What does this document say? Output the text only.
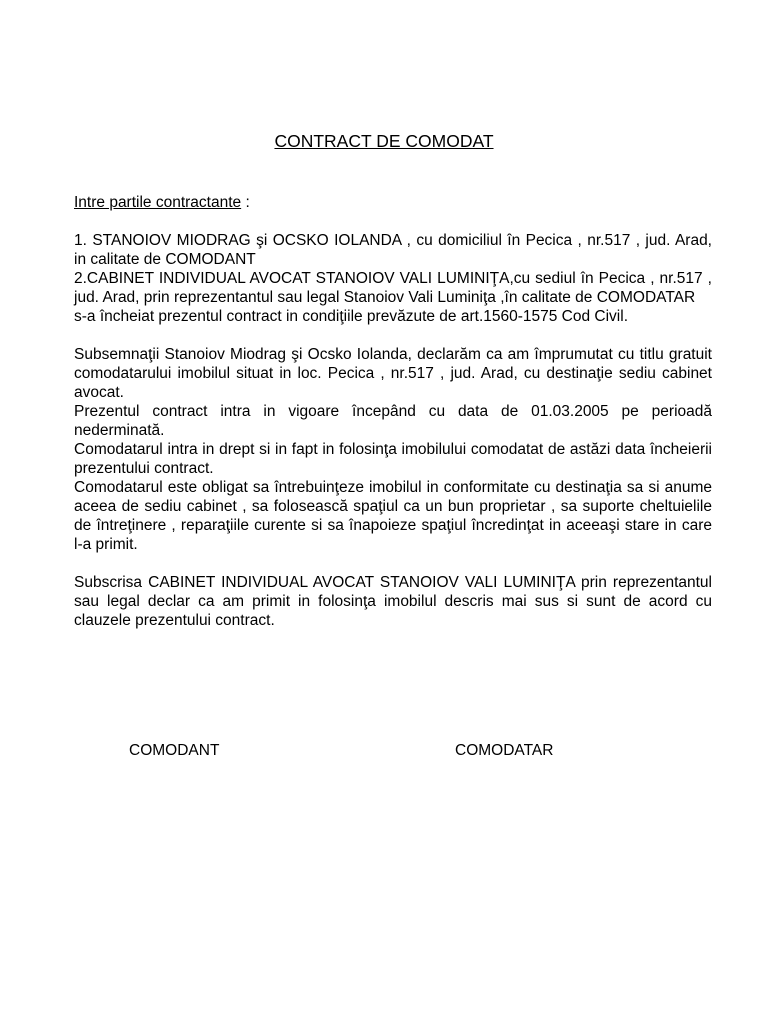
CONTRACT DE COMODAT

Intre partile contractante :

1. STANOIOV MIODRAG şi OCSKO IOLANDA , cu domiciliul în Pecica , nr.517 , jud. Arad, in calitate de COMODANT

2.CABINET INDIVIDUAL AVOCAT STANOIOV VALI LUMINIŢA,cu sediul în Pecica , nr.517 , jud. Arad, prin reprezentantul sau legal Stanoiov Vali Luminiţa ,în calitate de COMODATAR

s-a încheiat prezentul contract in condiţiile prevăzute de art.1560-1575 Cod Civil.

Subsemnaţii Stanoiov Miodrag şi Ocsko Iolanda, declarăm ca am împrumutat cu titlu gratuit comodatarului imobilul situat in loc. Pecica , nr.517 , jud. Arad, cu destinaţie sediu cabinet avocat.

Prezentul contract intra in vigoare începând cu data de 01.03.2005 pe perioadă nederminată.

Comodatarul intra in drept si in fapt in folosinţa imobilului comodatat de astăzi data încheierii prezentului contract.

Comodatarul este obligat sa întrebuinţeze imobilul in conformitate cu destinaţia sa si anume aceea de sediu cabinet , sa folosească spaţiul ca un bun proprietar , sa suporte cheltuielile de întreţinere , reparaţiile curente si sa înapoieze spaţiul încredinţat in aceeaşi stare in care l-a primit.

Subscrisa CABINET INDIVIDUAL AVOCAT STANOIOV VALI LUMINIŢA prin reprezentantul sau legal declar ca am primit in folosinţa imobilul descris mai sus si sunt de acord cu clauzele prezentului contract.

COMODANT	COMODATAR
